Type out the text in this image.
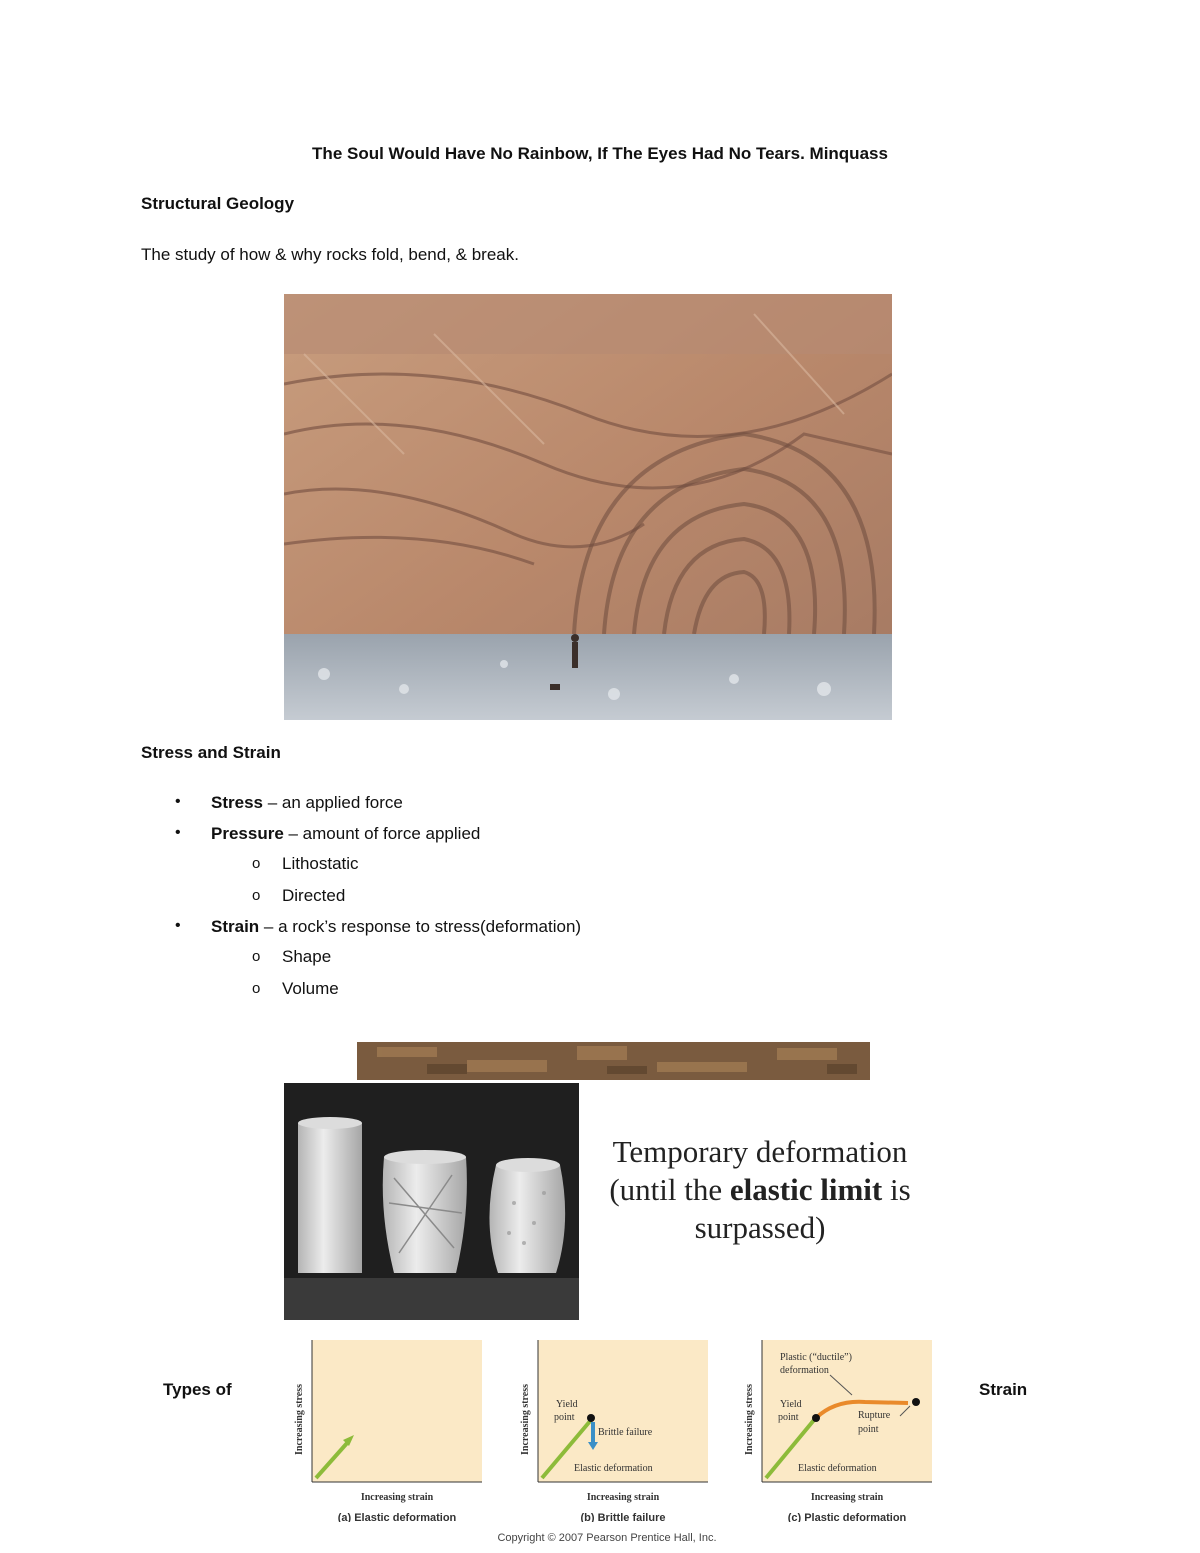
The Soul Would Have No Rainbow, If The Eyes Had No Tears. Minquass
Structural Geology
The study of how & why rocks fold, bend, & break.
Stress and Strain
• Stress – an applied force
• Pressure – amount of force applied
o Lithostatic
o Directed
• Strain – a rock’s response to stress(deformation)
o Shape
o Volume
Temporary deformation
(until the elastic limit is
surpassed)
Types of	Strain
Increasing stress
Increasing strain
(a) Elastic deformation
Yield
point
Brittle failure
Elastic deformation
Increasing stress
Increasing strain
(b) Brittle failure
Plastic (“ductile”)
deformation
Yield
point	Rupture
point
Elastic deformation
Increasing stress
Increasing strain
(c) Plastic deformation
Copyright © 2007 Pearson Prentice Hall, Inc.
